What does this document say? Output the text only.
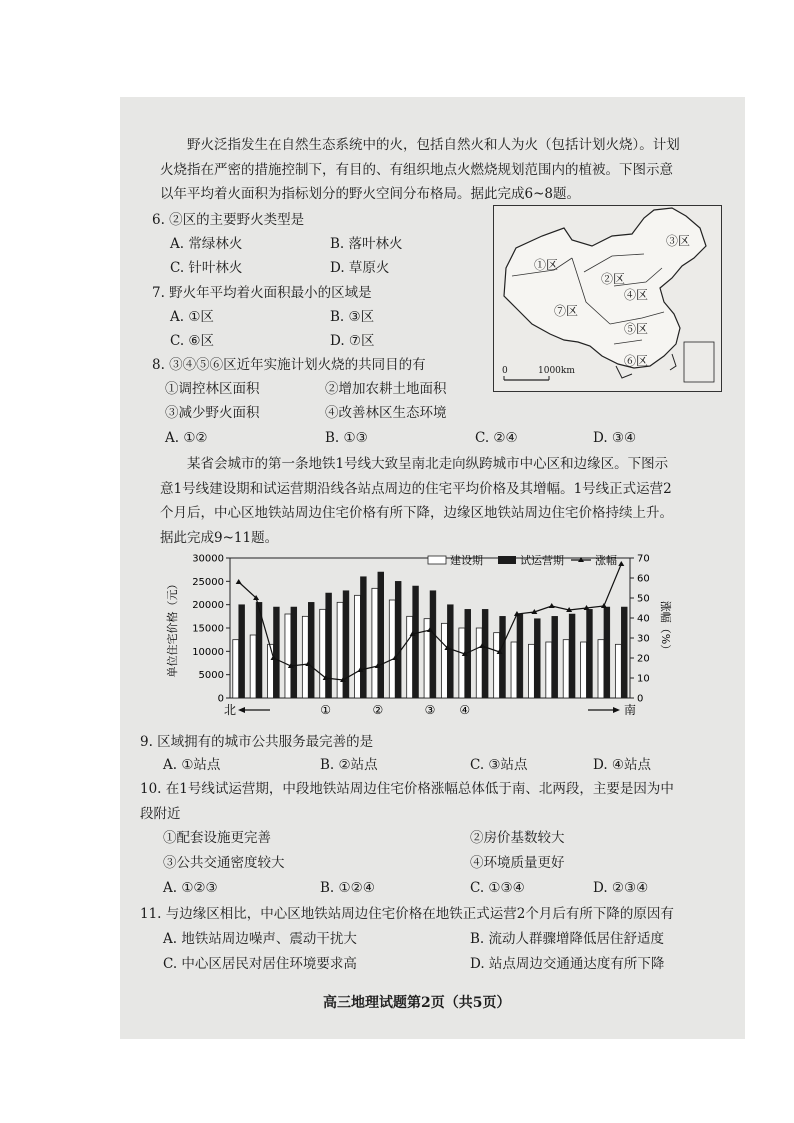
野火泛指发生在自然生态系统中的火，包括自然火和人为火（包括计划火烧）。计划火烧指在严密的措施控制下，有目的、有组织地点火燃烧规划范围内的植被。下图示意以年平均着火面积为指标划分的野火空间分布格局。据此完成6~8题。
6. ②区的主要野火类型是
A. 常绿林火	B. 落叶林火
C. 针叶林火	D. 草原火
7. 野火年平均着火面积最小的区域是
A. ①区	B. ③区
C. ⑥区	D. ⑦区
8. ③④⑤⑥区近年实施计划火烧的共同目的有
①调控林区面积	②增加农耕土地面积
③减少野火面积	④改善林区生态环境
A. ①②	B. ①③	C. ②④	D. ③④
①区
②区
③区
④区
⑤区
⑥区
⑦区
0	1000km
某省会城市的第一条地铁1号线大致呈南北走向纵跨城市中心区和边缘区。下图示意1号线建设期和试运营期沿线各站点周边的住宅平均价格及其增幅。1号线正式运营2个月后，中心区地铁站周边住宅价格有所下降，边缘区地铁站周边住宅价格持续上升。据此完成9~11题。
30000
25000
20000
15000
10000
5000
0
70
60
50
40
30
20
10
0
单位住宅价格（元）	涨幅（%）
建设期	试运营期	涨幅
北	南
①	②	③ ④
9. 区域拥有的城市公共服务最完善的是
A. ①站点	B. ②站点	C. ③站点	D. ④站点
10. 在1号线试运营期，中段地铁站周边住宅价格涨幅总体低于南、北两段，主要是因为中
段附近
①配套设施更完善	②房价基数较大
③公共交通密度较大	④环境质量更好
A. ①②③	B. ①②④	C. ①③④	D. ②③④
11. 与边缘区相比，中心区地铁站周边住宅价格在地铁正式运营2个月后有所下降的原因有
A. 地铁站周边噪声、震动干扰大	B. 流动人群骤增降低居住舒适度
C. 中心区居民对居住环境要求高	D. 站点周边交通通达度有所下降
高三地理试题第2页（共5页）
